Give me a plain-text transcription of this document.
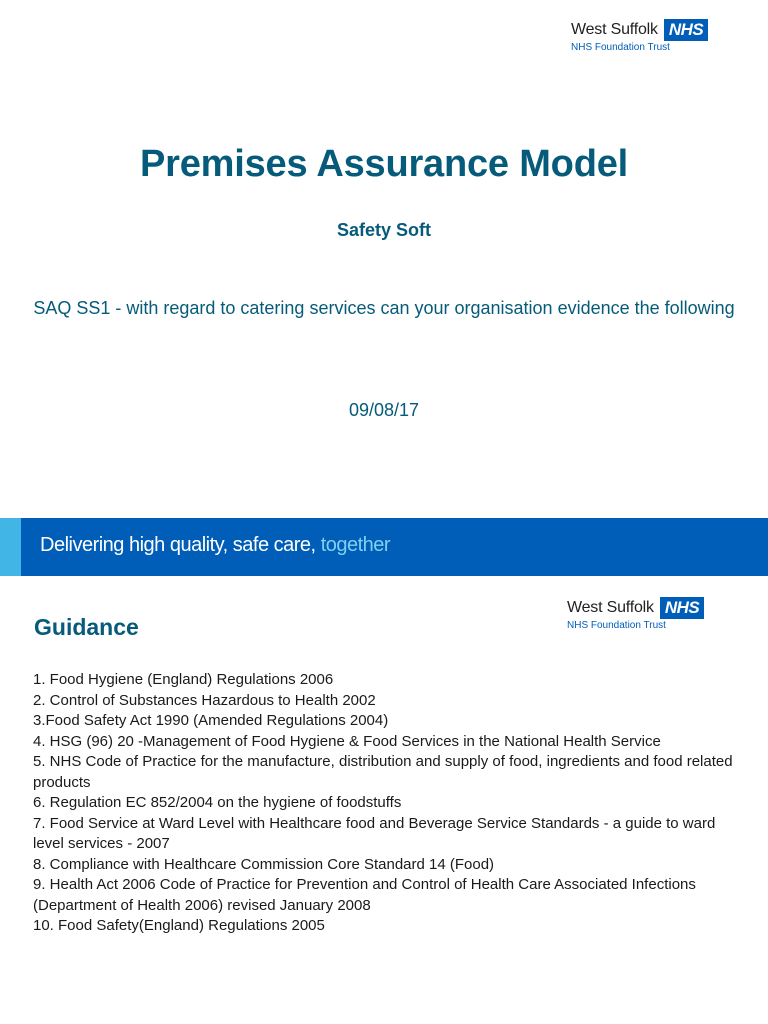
West Suffolk NHS
NHS Foundation Trust
Premises Assurance Model
Safety Soft
SAQ SS1 - with regard to catering services can your organisation evidence the following
09/08/17
Delivering high quality, safe care, together
West Suffolk NHS
NHS Foundation Trust
Guidance
1. Food Hygiene (England) Regulations 2006
2. Control of Substances Hazardous to Health 2002
3.Food Safety Act 1990 (Amended Regulations 2004)
4. HSG (96) 20 -Management of Food Hygiene & Food Services in the National Health Service
5. NHS Code of Practice for the manufacture, distribution and supply of food, ingredients and food related products
6. Regulation EC 852/2004 on the hygiene of foodstuffs
7. Food Service at Ward Level with Healthcare food and Beverage Service Standards - a guide to ward level services - 2007
8. Compliance with Healthcare Commission Core Standard 14 (Food)
9. Health Act 2006 Code of Practice for Prevention and Control of Health Care Associated Infections (Department of Health 2006) revised January 2008
10. Food Safety(England) Regulations 2005
